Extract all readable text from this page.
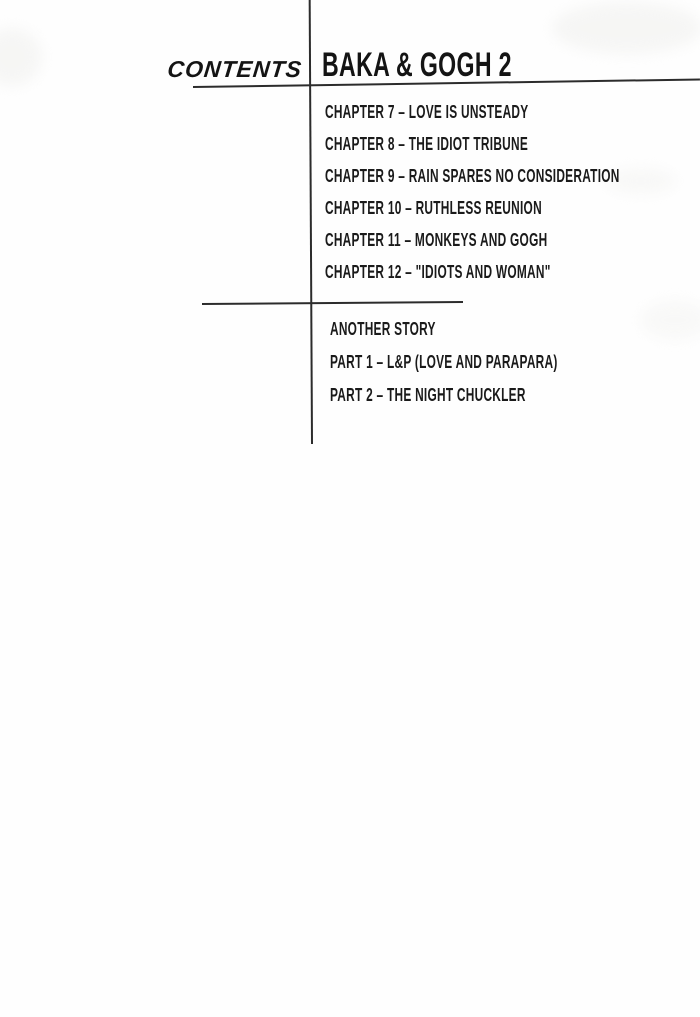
CONTENTS BAKA & GOGH 2
CHAPTER 7 – LOVE IS UNSTEADY
CHAPTER 8 – THE IDIOT TRIBUNE
CHAPTER 9 – RAIN SPARES NO CONSIDERATION
CHAPTER 10 – RUTHLESS REUNION
CHAPTER 11 – MONKEYS AND GOGH
CHAPTER 12 – "IDIOTS AND WOMAN"
ANOTHER STORY
PART 1 – L&P (LOVE AND PARAPARA)
PART 2 – THE NIGHT CHUCKLER
